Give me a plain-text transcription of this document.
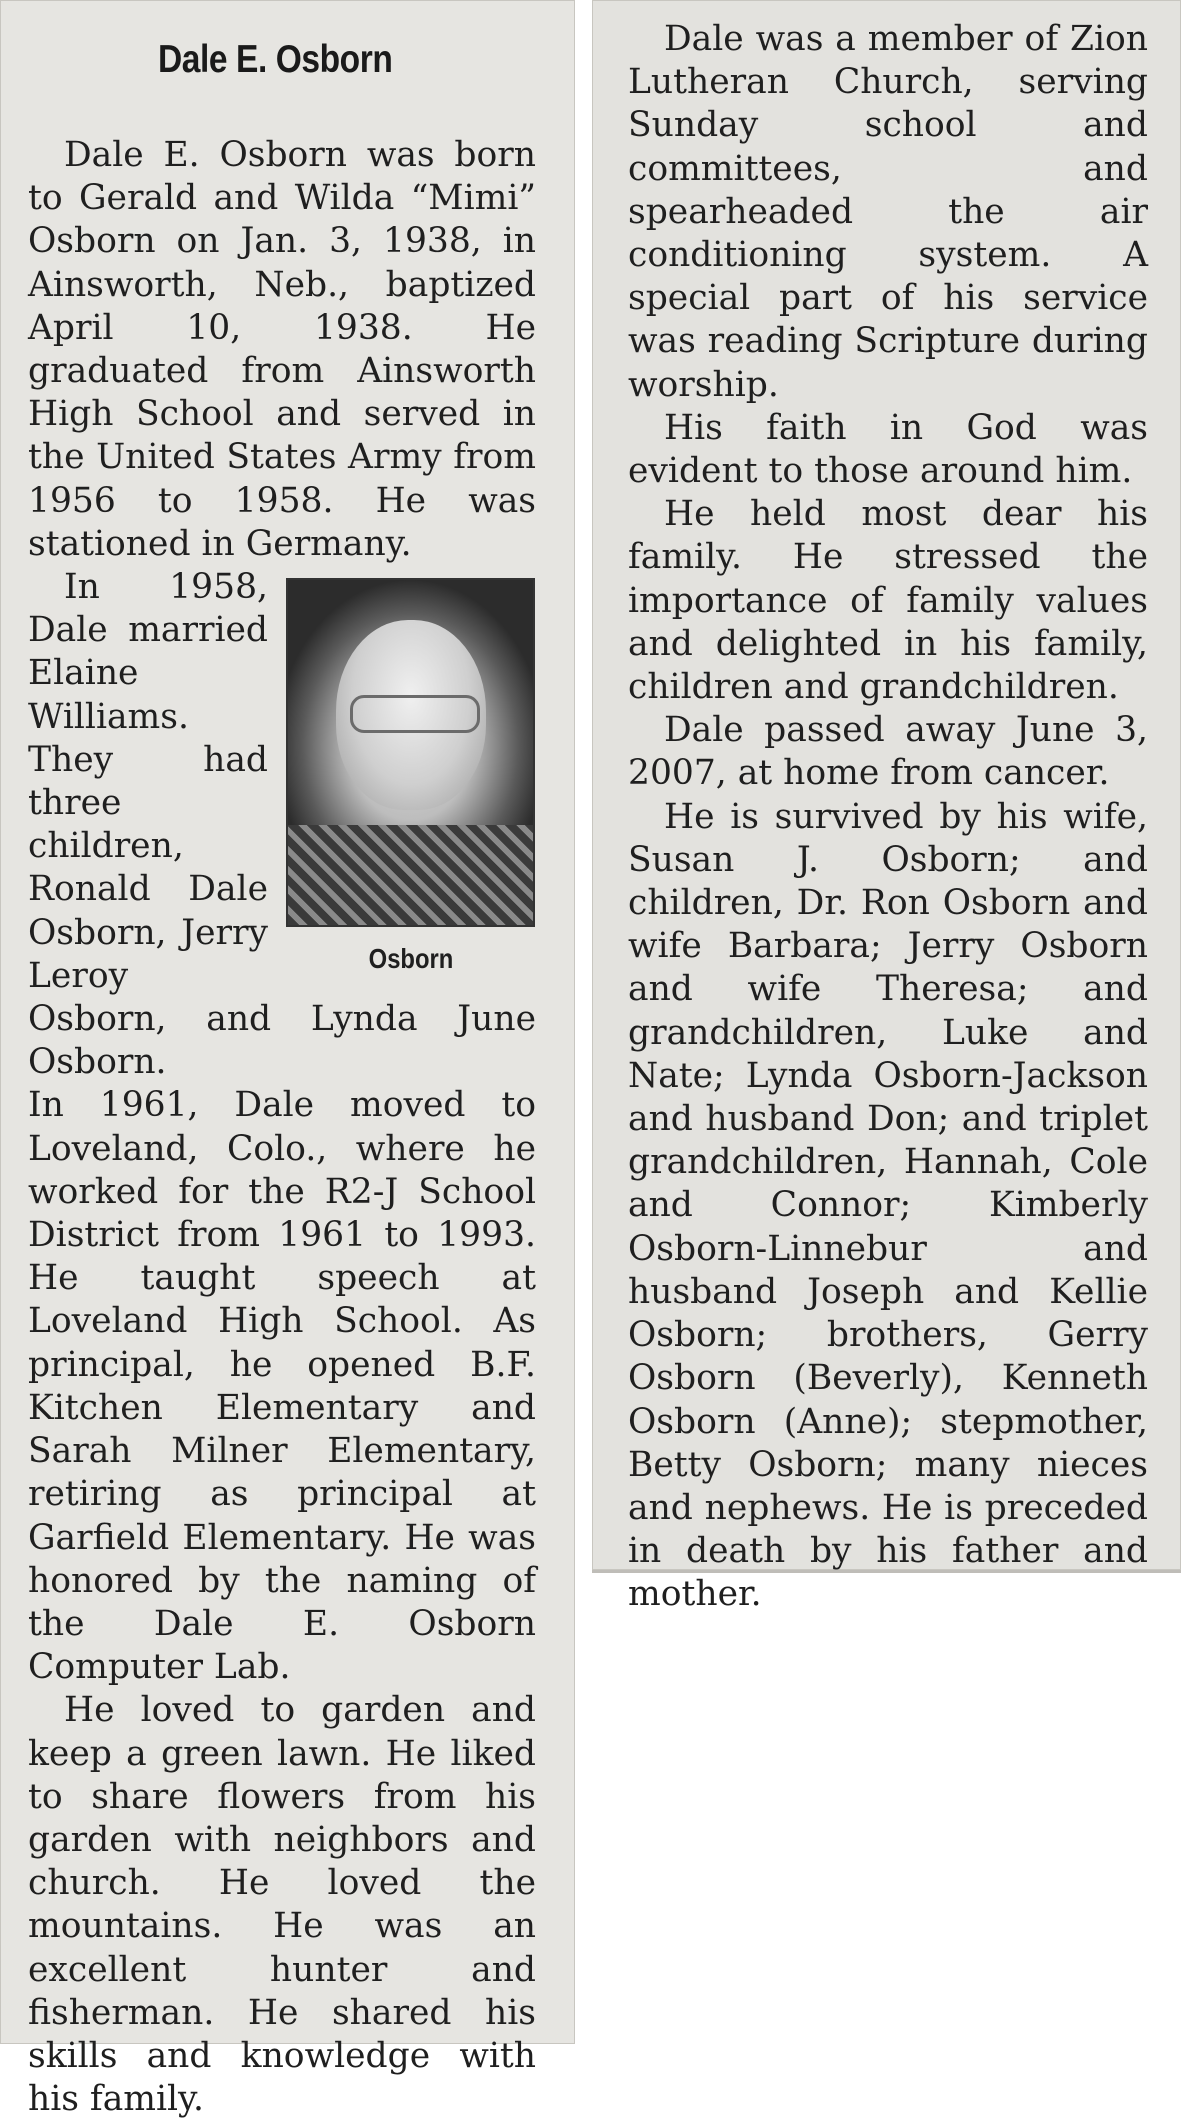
Dale E. Osborn

Dale E. Osborn was born to Gerald and Wilda “Mimi” Osborn on Jan. 3, 1938, in Ainsworth, Neb., baptized April 10, 1938. He graduated from Ainsworth High School and served in the United States Army from 1956 to 1958. He was stationed in Germany.

Osborn

In 1958, Dale married Elaine Williams. They had three children, Ronald Dale Osborn, Jerry Leroy Osborn, and Lynda June Osborn.

In 1961, Dale moved to Loveland, Colo., where he worked for the R2-J School District from 1961 to 1993. He taught speech at Loveland High School. As principal, he opened B.F. Kitchen Elementary and Sarah Milner Elementary, retiring as principal at Garfield Elementary. He was honored by the naming of the Dale E. Osborn Computer Lab.

He loved to garden and keep a green lawn. He liked to share flowers from his garden with neighbors and church. He loved the mountains. He was an excellent hunter and fisherman. He shared his skills and knowledge with his family.

Dale was a member of Zion Lutheran Church, serving Sunday school and committees, and spearheaded the air conditioning system. A special part of his service was reading Scripture during worship.

His faith in God was evident to those around him.

He held most dear his family. He stressed the importance of family values and delighted in his family, children and grandchildren.

Dale passed away June 3, 2007, at home from cancer.

He is survived by his wife, Susan J. Osborn; and children, Dr. Ron Osborn and wife Barbara; Jerry Osborn and wife Theresa; and grandchildren, Luke and Nate; Lynda Osborn-Jackson and husband Don; and triplet grandchildren, Hannah, Cole and Connor; Kimberly Osborn-Linnebur and husband Joseph and Kellie Osborn; brothers, Gerry Osborn (Beverly), Kenneth Osborn (Anne); stepmother, Betty Osborn; many nieces and nephews. He is preceded in death by his father and mother.
